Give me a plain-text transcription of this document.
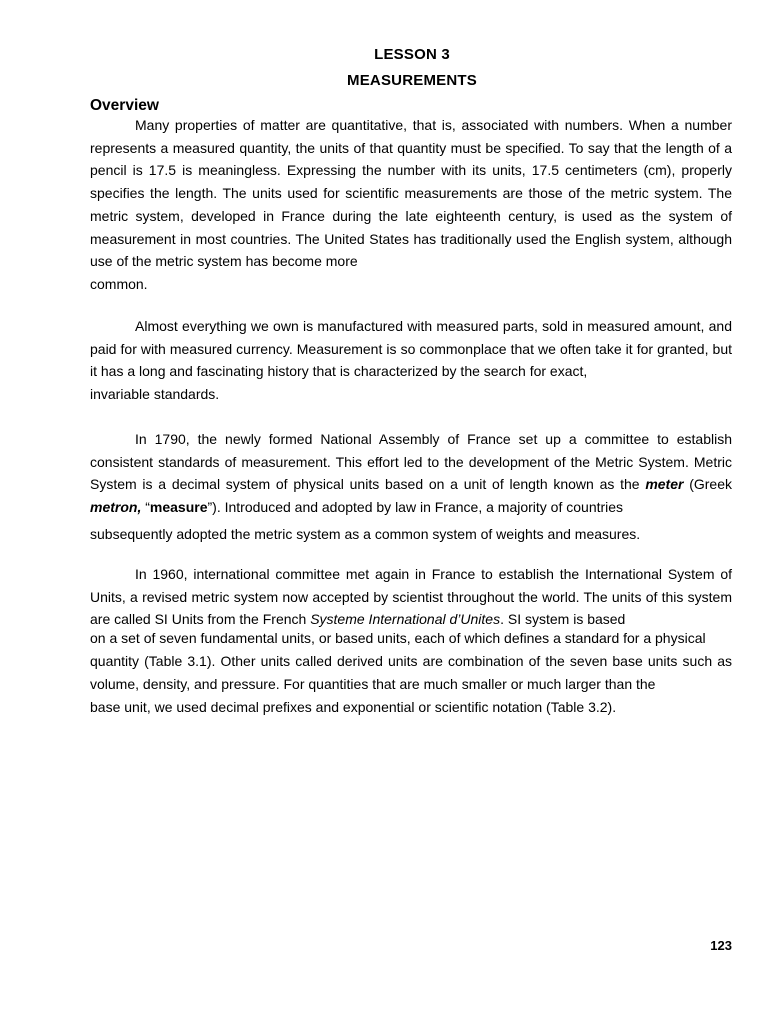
LESSON 3
MEASUREMENTS
Overview

Many properties of matter are quantitative, that is, associated with numbers. When a number represents a measured quantity, the units of that quantity must be specified. To say that the length of a pencil is 17.5 is meaningless. Expressing the number with its units, 17.5 centimeters (cm), properly specifies the length. The units used for scientific measurements are those of the metric system. The metric system, developed in France during the late eighteenth century, is used as the system of measurement in most countries. The United States has traditionally used the English system, although use of the metric system has become more

common.

Almost everything we own is manufactured with measured parts, sold in measured amount, and paid for with measured currency. Measurement is so commonplace that we often take it for granted, but it has a long and fascinating history that is characterized by the search for exact,

invariable standards.

In 1790, the newly formed National Assembly of France set up a committee to establish consistent standards of measurement. This effort led to the development of the Metric System. Metric System is a decimal system of physical units based on a unit of length known as the meter (Greek metron, “measure”). Introduced and adopted by law in France, a majority of countries

subsequently adopted the metric system as a common system of weights and measures.

In 1960, international committee met again in France to establish the International System of Units, a revised metric system now accepted by scientist throughout the world. The units of this system are called SI Units from the French Systeme International d’Unites. SI system is based

on a set of seven fundamental units, or based units, each of which defines a standard for a physical

quantity (Table 3.1). Other units called derived units are combination of the seven base units such as volume, density, and pressure. For quantities that are much smaller or much larger than the

base unit, we used decimal prefixes and exponential or scientific notation (Table 3.2).

123
